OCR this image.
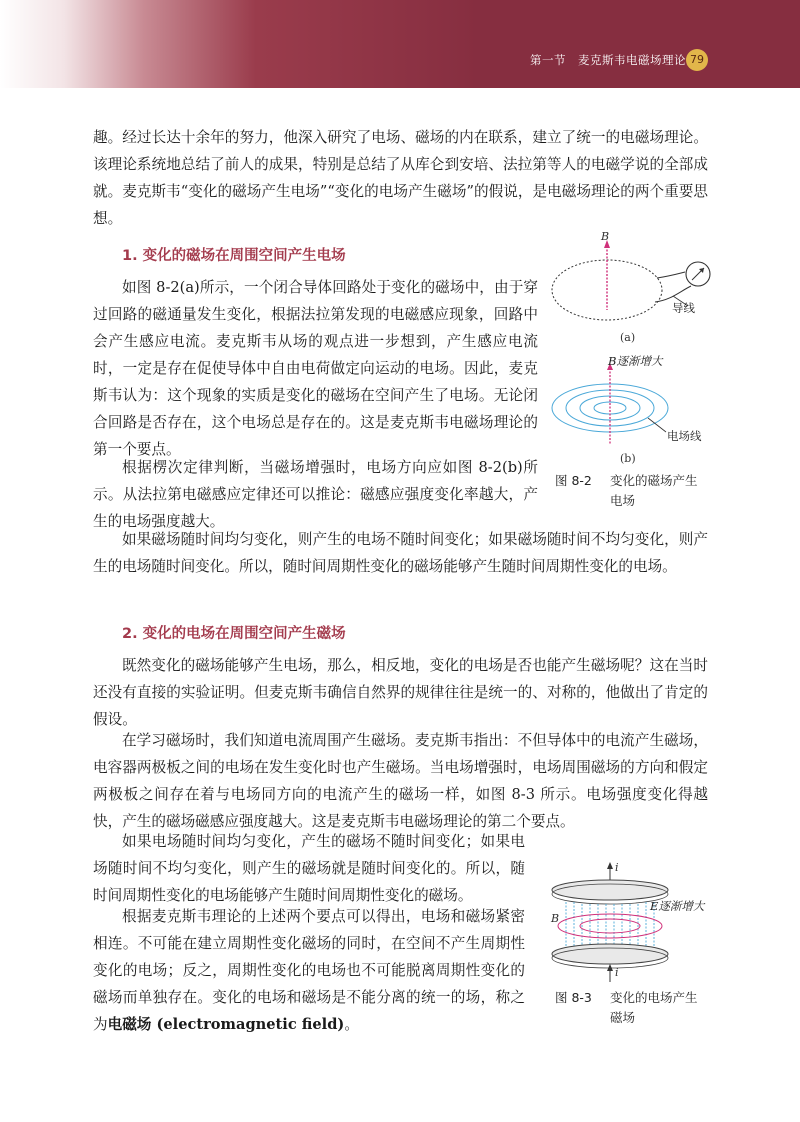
第一节　麦克斯韦电磁场理论 79

趣。经过长达十余年的努力，他深入研究了电场、磁场的内在联系，建立了统一的电磁场理论。该理论系统地总结了前人的成果，特别是总结了从库仑到安培、法拉第等人的电磁学说的全部成就。麦克斯韦“变化的磁场产生电场”“变化的电场产生磁场”的假说，是电磁场理论的两个重要思想。

1. 变化的磁场在周围空间产生电场

如图 8-2(a)所示，一个闭合导体回路处于变化的磁场中，由于穿过回路的磁通量发生变化，根据法拉第发现的电磁感应现象，回路中会产生感应电流。麦克斯韦从场的观点进一步想到，产生感应电流时，一定是存在促使导体中自由电荷做定向运动的电场。因此，麦克斯韦认为：这个现象的实质是变化的磁场在空间产生了电场。无论闭合回路是否存在，这个电场总是存在的。这是麦克斯韦电磁场理论的第一个要点。

根据楞次定律判断，当磁场增强时，电场方向应如图 8-2(b)所示。从法拉第电磁感应定律还可以推论：磁感应强度变化率越大，产生的电场强度越大。

如果磁场随时间均匀变化，则产生的电场不随时间变化；如果磁场随时间不均匀变化，则产生的电场随时间变化。所以，随时间周期性变化的磁场能够产生随时间周期性变化的电场。

2. 变化的电场在周围空间产生磁场

既然变化的磁场能够产生电场，那么，相反地，变化的电场是否也能产生磁场呢？这在当时还没有直接的实验证明。但麦克斯韦确信自然界的规律往往是统一的、对称的，他做出了肯定的假设。

在学习磁场时，我们知道电流周围产生磁场。麦克斯韦指出：不但导体中的电流产生磁场，电容器两极板之间的电场在发生变化时也产生磁场。当电场增强时，电场周围磁场的方向和假定两极板之间存在着与电场同方向的电流产生的磁场一样，如图 8-3 所示。电场强度变化得越快，产生的磁场磁感应强度越大。这是麦克斯韦电磁场理论的第二个要点。

如果电场随时间均匀变化，产生的磁场不随时间变化；如果电场随时间不均匀变化，则产生的磁场就是随时间变化的。所以，随时间周期性变化的电场能够产生随时间周期性变化的磁场。

根据麦克斯韦理论的上述两个要点可以得出，电场和磁场紧密相连。不可能在建立周期性变化磁场的同时，在空间不产生周期性变化的电场；反之，周期性变化的电场也不可能脱离周期性变化的磁场而单独存在。变化的电场和磁场是不能分离的统一的场，称之为电磁场 (electromagnetic field)。

B
导线
(a)
B逐渐增大
电场线
(b)
图 8-2 变化的磁场产生
电场
i
E逐渐增大
B
i
图 8-3 变化的电场产生
磁场
